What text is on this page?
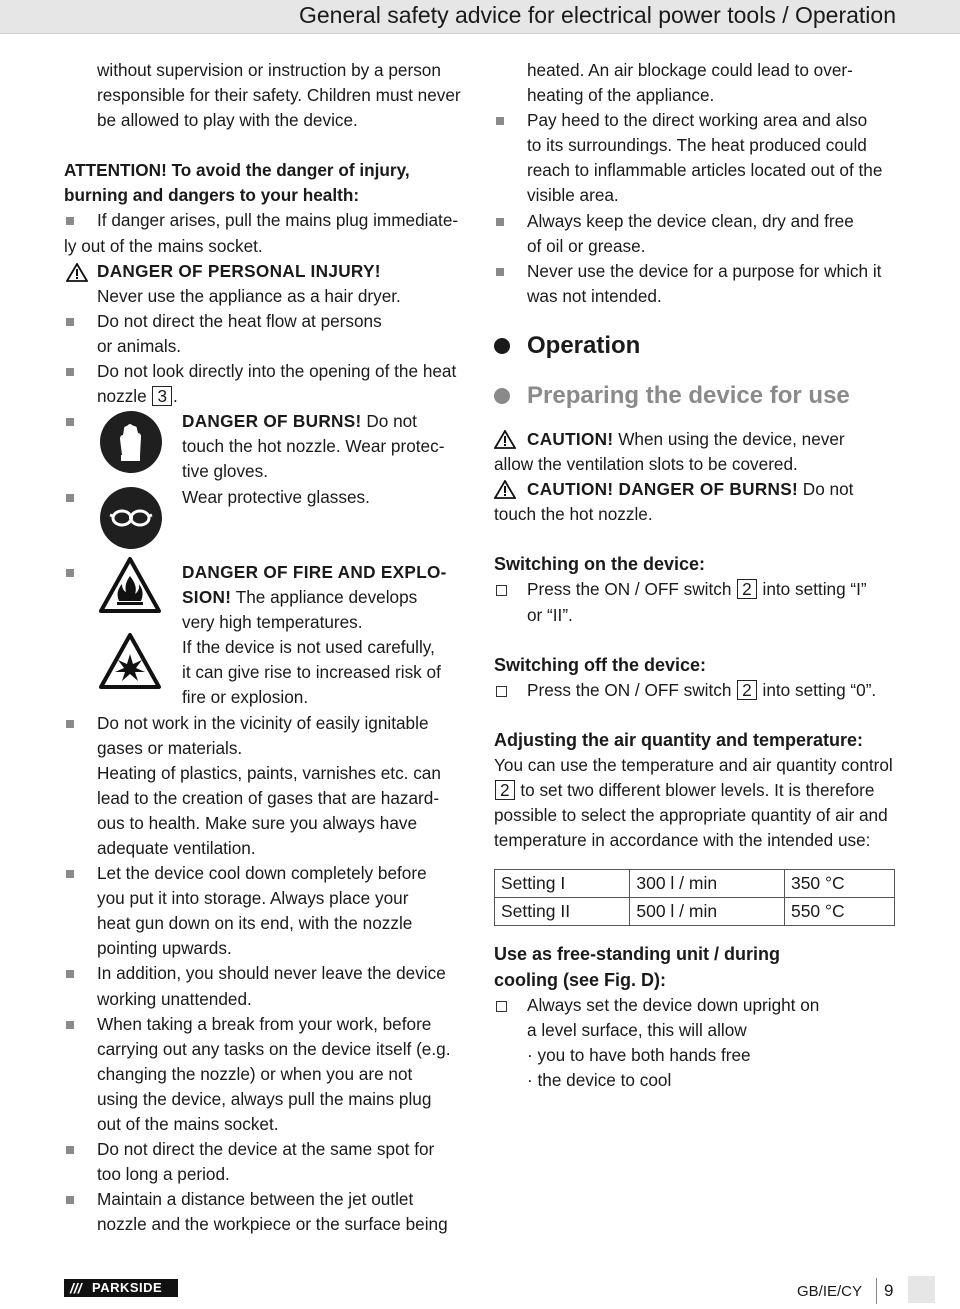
General safety advice for electrical power tools / Operation

without supervision or instruction by a person

responsible for their safety. Children must never

be allowed to play with the device.

ATTENTION! To avoid the danger of injury,

burning and dangers to your health:

If danger arises, pull the mains plug immediate-

ly out of the mains socket.

DANGER OF PERSONAL INJURY!

Never use the appliance as a hair dryer.

Do not direct the heat flow at persons

or animals.

Do not look directly into the opening of the heat

nozzle 3 .

DANGER OF BURNS! Do not

touch the hot nozzle. Wear protec-

tive gloves.

Wear protective glasses.

DANGER OF FIRE AND EXPLO-

SION! The appliance develops

very high temperatures.

If the device is not used carefully,

it can give rise to increased risk of

fire or explosion.

Do not work in the vicinity of easily ignitable

gases or materials.

Heating of plastics, paints, varnishes etc. can

lead to the creation of gases that are hazard-

ous to health. Make sure you always have

adequate ventilation.

Let the device cool down completely before

you put it into storage. Always place your

heat gun down on its end, with the nozzle

pointing upwards.

In addition, you should never leave the device

working unattended.

When taking a break from your work, before

carrying out any tasks on the device itself (e.g.

changing the nozzle) or when you are not

using the device, always pull the mains plug

out of the mains socket.

Do not direct the device at the same spot for

too long a period.

Maintain a distance between the jet outlet

nozzle and the workpiece or the surface being

heated. An air blockage could lead to over-

heating of the appliance.

Pay heed to the direct working area and also

to its surroundings. The heat produced could

reach to inflammable articles located out of the

visible area.

Always keep the device clean, dry and free

of oil or grease.

Never use the device for a purpose for which it

was not intended.

Operation
Preparing the device for use

CAUTION! When using the device, never

allow the ventilation slots to be covered.

CAUTION! DANGER OF BURNS! Do not

touch the hot nozzle.

Switching on the device:

Press the ON / OFF switch 2 into setting “I”

or “II”.

Switching off the device:

Press the ON / OFF switch 2 into setting “0”.

Adjusting the air quantity and temperature:

You can use the temperature and air quantity control

2 to set two different blower levels. It is therefore

possible to select the appropriate quantity of air and

temperature in accordance with the intended use:

Setting I	300 l / min	350 °C
Setting II	500 l / min	550 °C

Use as free-standing unit / during

cooling (see Fig. D):

Always set the device down upright on

a level surface, this will allow

· you to have both hands free

· the device to cool

/// PARKSIDE	GB/IE/CY 9
